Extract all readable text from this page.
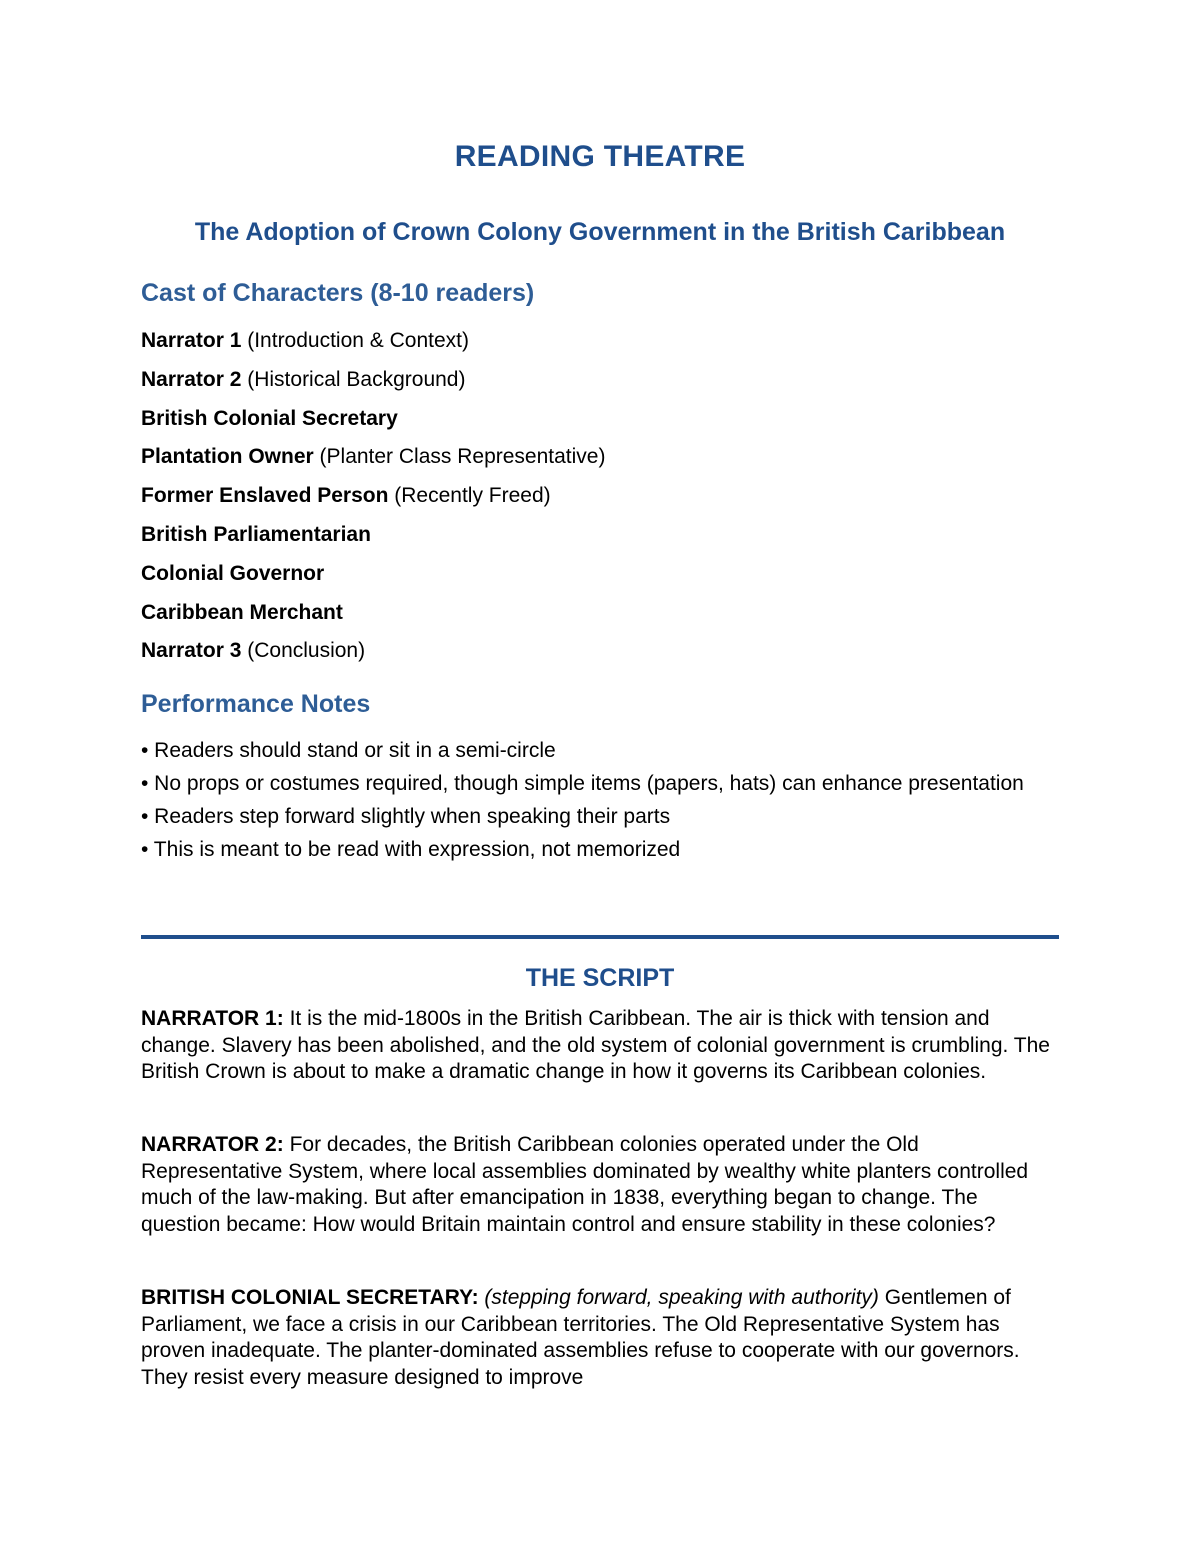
READING THEATRE
The Adoption of Crown Colony Government in the British Caribbean
Cast of Characters (8-10 readers)
Narrator 1 (Introduction & Context)
Narrator 2 (Historical Background)
British Colonial Secretary
Plantation Owner (Planter Class Representative)
Former Enslaved Person (Recently Freed)
British Parliamentarian
Colonial Governor
Caribbean Merchant
Narrator 3 (Conclusion)
Performance Notes
• Readers should stand or sit in a semi-circle
• No props or costumes required, though simple items (papers, hats) can enhance presentation
• Readers step forward slightly when speaking their parts
• This is meant to be read with expression, not memorized
THE SCRIPT

NARRATOR 1: It is the mid-1800s in the British Caribbean. The air is thick with tension and change. Slavery has been abolished, and the old system of colonial government is crumbling. The British Crown is about to make a dramatic change in how it governs its Caribbean colonies.

NARRATOR 2: For decades, the British Caribbean colonies operated under the Old Representative System, where local assemblies dominated by wealthy white planters controlled much of the law-making. But after emancipation in 1838, everything began to change. The question became: How would Britain maintain control and ensure stability in these colonies?

BRITISH COLONIAL SECRETARY: (stepping forward, speaking with authority) Gentlemen of Parliament, we face a crisis in our Caribbean territories. The Old Representative System has proven inadequate. The planter-dominated assemblies refuse to cooperate with our governors. They resist every measure designed to improve
